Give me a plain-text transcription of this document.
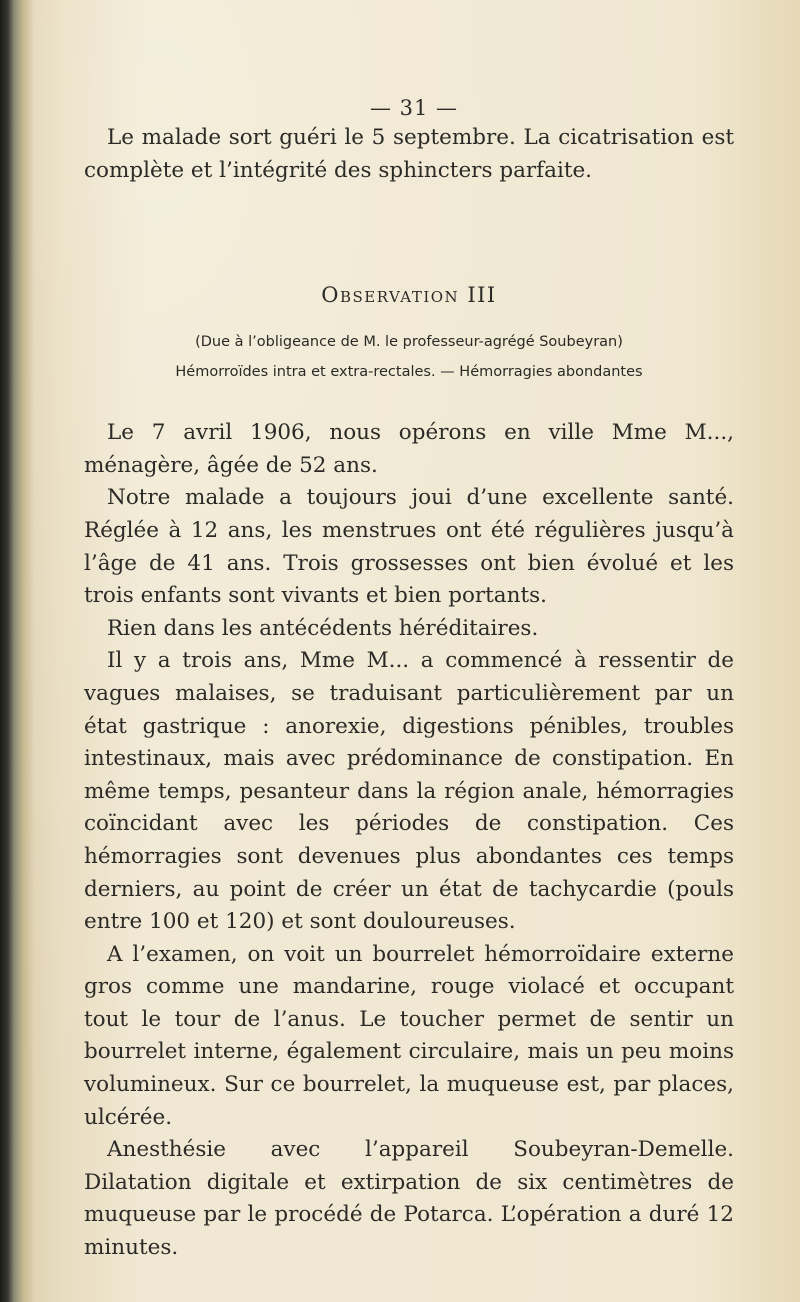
— 31 —

Le malade sort guéri le 5 septembre. La cicatrisation est complète et l’intégrité des sphincters parfaite.

Observation III

(Due à l’obligeance de M. le professeur-agrégé Soubeyran)

Hémorroïdes intra et extra-rectales. — Hémorragies abondantes

Le 7 avril 1906, nous opérons en ville Mme M..., ménagère, âgée de 52 ans.

Notre malade a toujours joui d’une excellente santé. Réglée à 12 ans, les menstrues ont été régulières jusqu’à l’âge de 41 ans. Trois grossesses ont bien évolué et les trois enfants sont vivants et bien portants.

Rien dans les antécédents héréditaires.

Il y a trois ans, Mme M... a commencé à ressentir de vagues malaises, se traduisant particulièrement par un état gastrique : anorexie, digestions pénibles, troubles intestinaux, mais avec prédominance de constipation. En même temps, pesanteur dans la région anale, hémorragies coïncidant avec les périodes de constipation. Ces hémorragies sont devenues plus abondantes ces temps derniers, au point de créer un état de tachycardie (pouls entre 100 et 120) et sont douloureuses.

A l’examen, on voit un bourrelet hémorroïdaire externe gros comme une mandarine, rouge violacé et occupant tout le tour de l’anus. Le toucher permet de sentir un bourrelet interne, également circulaire, mais un peu moins volumineux. Sur ce bourrelet, la muqueuse est, par places, ulcérée.

Anesthésie avec l’appareil Soubeyran-Demelle. Dilatation digitale et extirpation de six centimètres de muqueuse par le procédé de Potarca. L’opération a duré 12 minutes.
